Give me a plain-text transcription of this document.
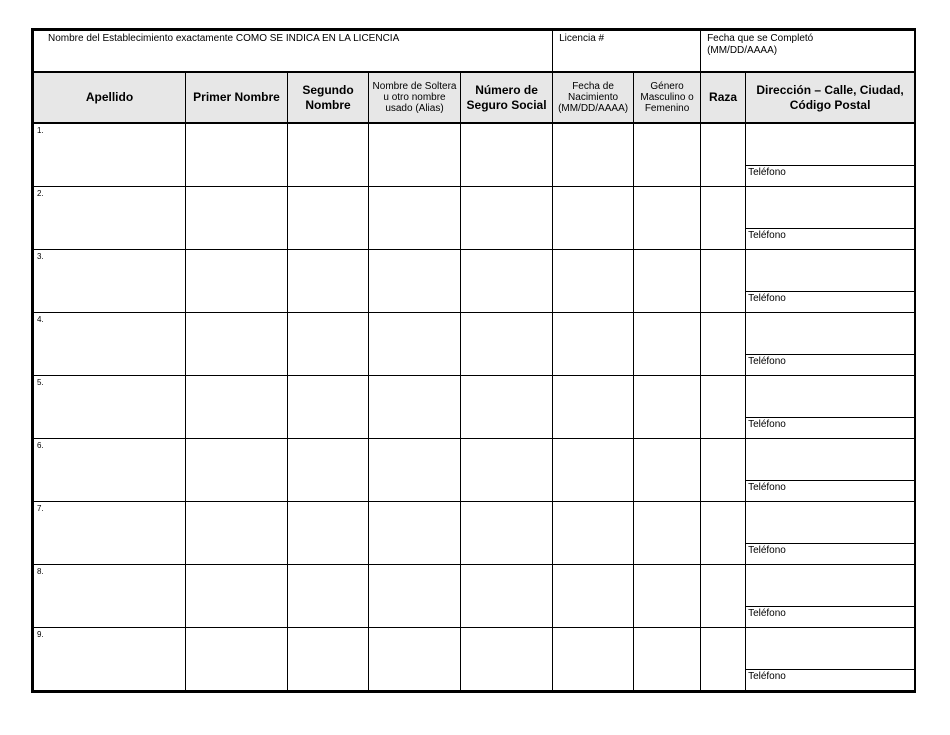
Nombre del Establecimiento exactamente COMO SE INDICA EN LA LICENCIA					Licencia #		Fecha que se Completó
(MM/DD/AAAA)	

Apellido	Primer Nombre	Segundo Nombre	Nombre de Soltera u otro nombre usado (Alias)	Número de Seguro Social	Fecha de Nacimiento (MM/DD/AAAA)	Género Masculino o Femenino	Raza	Dirección – Calle, Ciudad, Código Postal

1.								Teléfono

2.								Teléfono

3.								Teléfono

4.								Teléfono

5.								Teléfono

6.								Teléfono

7.								Teléfono

8.								Teléfono

9.								Teléfono
